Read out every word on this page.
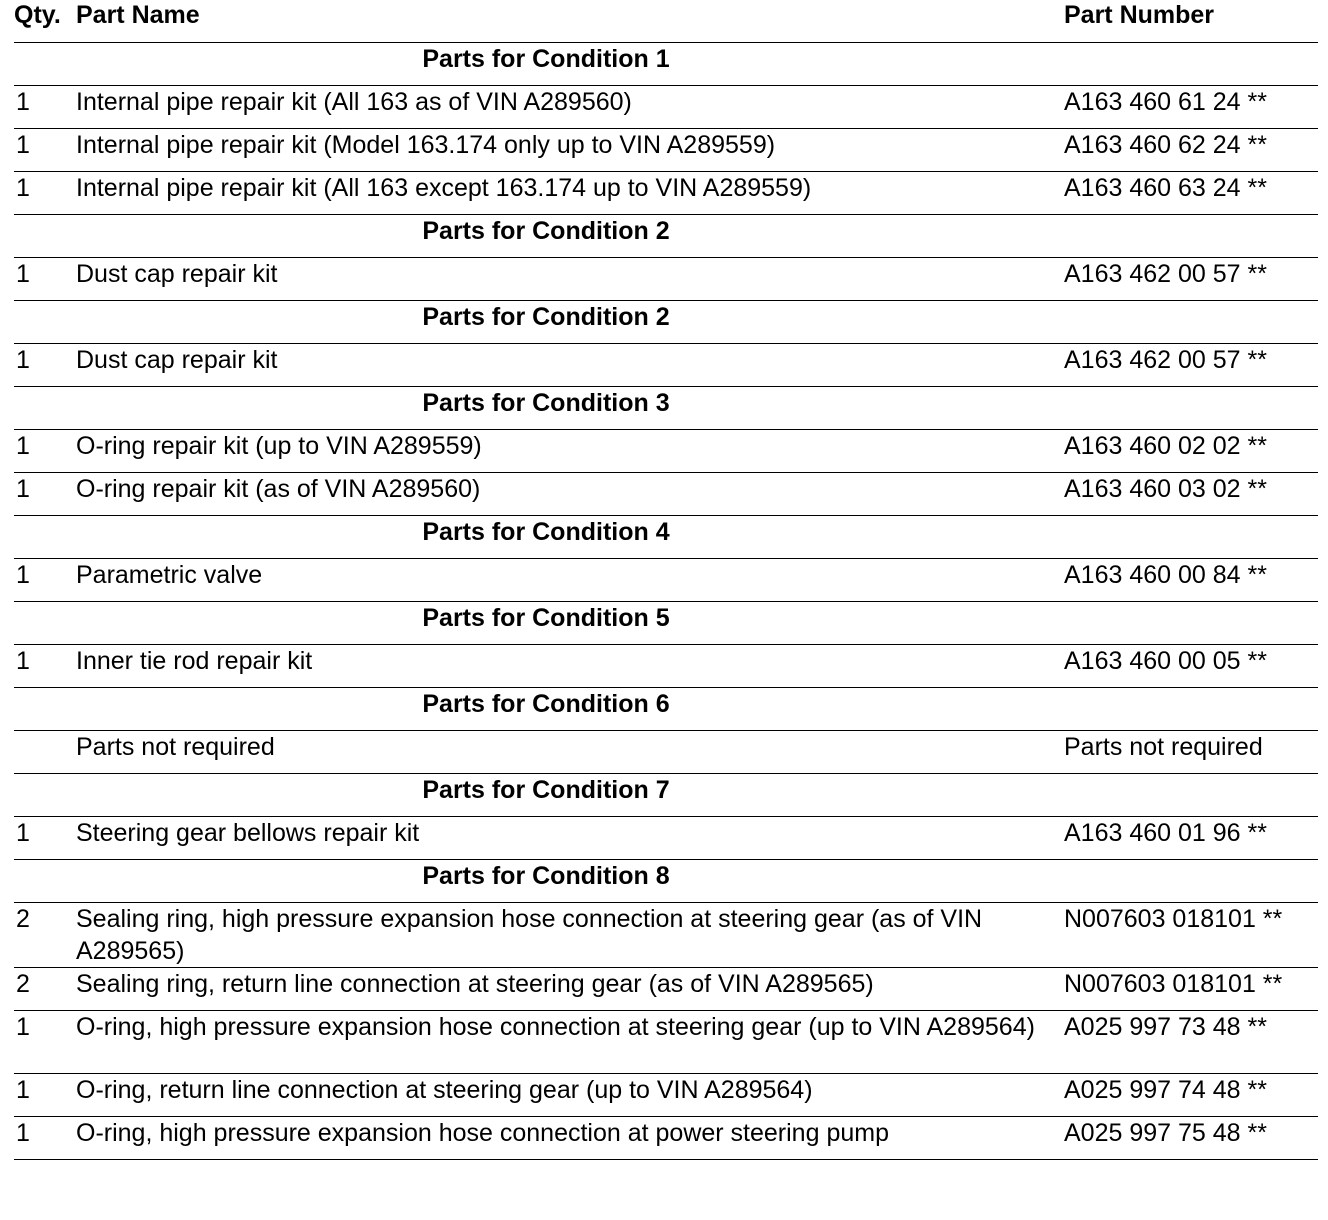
Qty.	Part Name	Part Number
Parts for Condition 1		
1	Internal pipe repair kit (All 163 as of VIN A289560)	A163 460 61 24 **
1	Internal pipe repair kit (Model 163.174 only up to VIN A289559)	A163 460 62 24 **
1	Internal pipe repair kit (All 163 except 163.174 up to VIN A289559)	A163 460 63 24 **
Parts for Condition 2		
1	Dust cap repair kit	A163 462 00 57 **
Parts for Condition 2		
1	Dust cap repair kit	A163 462 00 57 **
Parts for Condition 3		
1	O-ring repair kit (up to VIN A289559)	A163 460 02 02 **
1	O-ring repair kit (as of VIN A289560)	A163 460 03 02 **
Parts for Condition 4		
1	Parametric valve	A163 460 00 84 **
Parts for Condition 5		
1	Inner tie rod repair kit	A163 460 00 05 **
Parts for Condition 6		
	Parts not required	Parts not required
Parts for Condition 7		
1	Steering gear bellows repair kit	A163 460 01 96 **
Parts for Condition 8		
2	Sealing ring, high pressure expansion hose connection at steering gear (as of VIN A289565)	N007603 018101 **
2	Sealing ring, return line connection at steering gear (as of VIN A289565)	N007603 018101 **
1	O-ring, high pressure expansion hose connection at steering gear (up to VIN A289564)	A025 997 73 48 **
1	O-ring, return line connection at steering gear (up to VIN A289564)	A025 997 74 48 **
1	O-ring, high pressure expansion hose connection at power steering pump	A025 997 75 48 **
